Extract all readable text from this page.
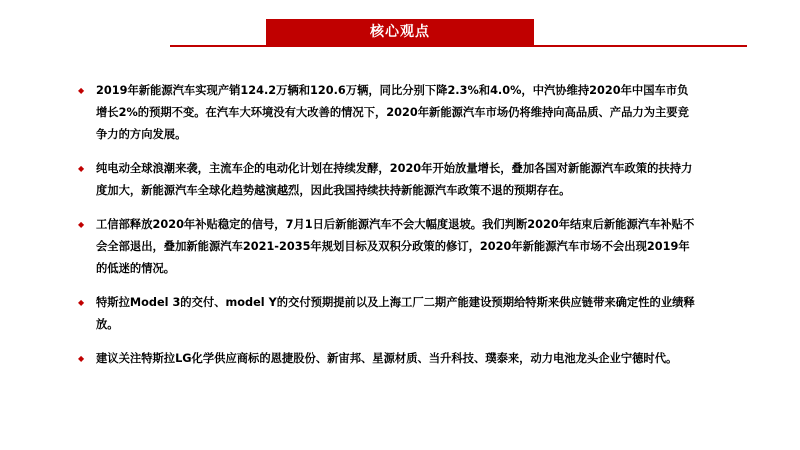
核心观点
◆ 2019年新能源汽车实现产销124.2万辆和120.6万辆，同比分别下降2.3%和4.0%，中汽协维持2020年中国车市负增长2%的预期不变。在汽车大环境没有大改善的情况下，2020年新能源汽车市场仍将维持向高品质、产品力为主要竞争力的方向发展。
◆ 纯电动全球浪潮来袭，主流车企的电动化计划在持续发酵，2020年开始放量增长，叠加各国对新能源汽车政策的扶持力度加大，新能源汽车全球化趋势越演越烈，因此我国持续扶持新能源汽车政策不退的预期存在。
◆ 工信部释放2020年补贴稳定的信号，7月1日后新能源汽车不会大幅度退坡。我们判断2020年结束后新能源汽车补贴不会全部退出，叠加新能源汽车2021-2035年规划目标及双积分政策的修订，2020年新能源汽车市场不会出现2019年的低迷的情况。
◆ 特斯拉Model 3的交付、model Y的交付预期提前以及上海工厂二期产能建设预期给特斯来供应链带来确定性的业绩释放。
◆ 建议关注特斯拉LG化学供应商标的恩捷股份、新宙邦、星源材质、当升科技、璞泰来，动力电池龙头企业宁德时代。
